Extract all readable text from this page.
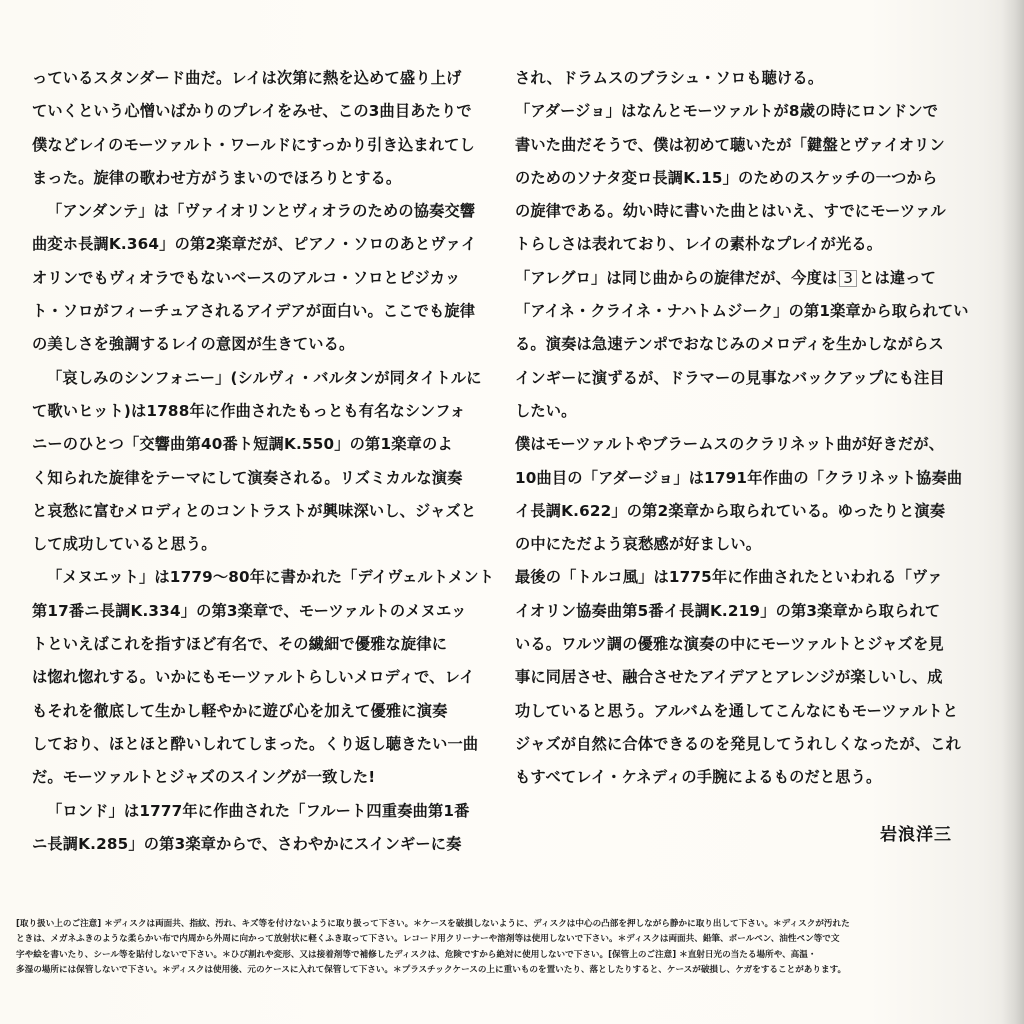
っているスタンダード曲だ。レイは次第に熱を込めて盛り上げ
ていくという心憎いばかりのプレイをみせ、この3曲目あたりで
僕などレイのモーツァルト・ワールドにすっかり引き込まれてし
まった。旋律の歌わせ方がうまいのでほろりとする。
「アンダンテ」は「ヴァイオリンとヴィオラのための協奏交響
曲変ホ長調K.364」の第2楽章だが、ピアノ・ソロのあとヴァイ
オリンでもヴィオラでもないベースのアルコ・ソロとピジカッ
ト・ソロがフィーチュアされるアイデアが面白い。ここでも旋律
の美しさを強調するレイの意図が生きている。
「哀しみのシンフォニー」(シルヴィ・バルタンが同タイトルに
て歌いヒット)は1788年に作曲されたもっとも有名なシンフォ
ニーのひとつ「交響曲第40番ト短調K.550」の第1楽章のよ
く知られた旋律をテーマにして演奏される。リズミカルな演奏
と哀愁に富むメロディとのコントラストが興味深いし、ジャズと
して成功していると思う。
「メヌエット」は1779〜80年に書かれた「デイヴェルトメント
第17番ニ長調K.334」の第3楽章で、モーツァルトのメヌエッ
トといえばこれを指すほど有名で、その繊細で優雅な旋律に
は惚れ惚れする。いかにもモーツァルトらしいメロディで、レイ
もそれを徹底して生かし軽やかに遊び心を加えて優雅に演奏
しており、ほとほと酔いしれてしまった。くり返し聴きたい一曲
だ。モーツァルトとジャズのスイングが一致した!
「ロンド」は1777年に作曲された「フルート四重奏曲第1番
ニ長調K.285」の第3楽章からで、さわやかにスインギーに奏
され、ドラムスのブラシュ・ソロも聴ける。
「アダージョ」はなんとモーツァルトが8歳の時にロンドンで
書いた曲だそうで、僕は初めて聴いたが「鍵盤とヴァイオリン
のためのソナタ変ロ長調K.15」のためのスケッチの一つから
の旋律である。幼い時に書いた曲とはいえ、すでにモーツァル
トらしさは表れており、レイの素朴なプレイが光る。
「アレグロ」は同じ曲からの旋律だが、今度は 3 とは違って
「アイネ・クライネ・ナハトムジーク」の第1楽章から取られてい
る。演奏は急速テンポでおなじみのメロディを生かしながらス
インギーに演ずるが、ドラマーの見事なバックアップにも注目
したい。
僕はモーツァルトやブラームスのクラリネット曲が好きだが、
10曲目の「アダージョ」は1791年作曲の「クラリネット協奏曲
イ長調K.622」の第2楽章から取られている。ゆったりと演奏
の中にただよう哀愁感が好ましい。
最後の「トルコ風」は1775年に作曲されたといわれる「ヴァ
イオリン協奏曲第5番イ長調K.219」の第3楽章から取られて
いる。ワルツ調の優雅な演奏の中にモーツァルトとジャズを見
事に同居させ、融合させたアイデアとアレンジが楽しいし、成
功していると思う。アルバムを通してこんなにもモーツァルトと
ジャズが自然に合体できるのを発見してうれしくなったが、これ
もすべてレイ・ケネディの手腕によるものだと思う。
岩浪洋三
[取り扱い上のご注意] ＊ディスクは両面共、指紋、汚れ、キズ等を付けないように取り扱って下さい。＊ケースを破損しないように、ディスクは中心の凸部を押しながら静かに取り出して下さい。＊ディスクが汚れた
ときは、メガネふきのような柔らかい布で内周から外周に向かって放射状に軽くふき取って下さい。レコード用クリーナーや溶剤等は使用しないで下さい。＊ディスクは両面共、鉛筆、ボールペン、油性ペン等で文
字や絵を書いたり、シール等を貼付しないで下さい。＊ひび割れや変形、又は接着剤等で補修したディスクは、危険ですから絶対に使用しないで下さい。[保管上のご注意] ＊直射日光の当たる場所や、高温・
多湿の場所には保管しないで下さい。＊ディスクは使用後、元のケースに入れて保管して下さい。＊プラスチックケースの上に重いものを置いたり、落としたりすると、ケースが破損し、ケガをすることがあります。
